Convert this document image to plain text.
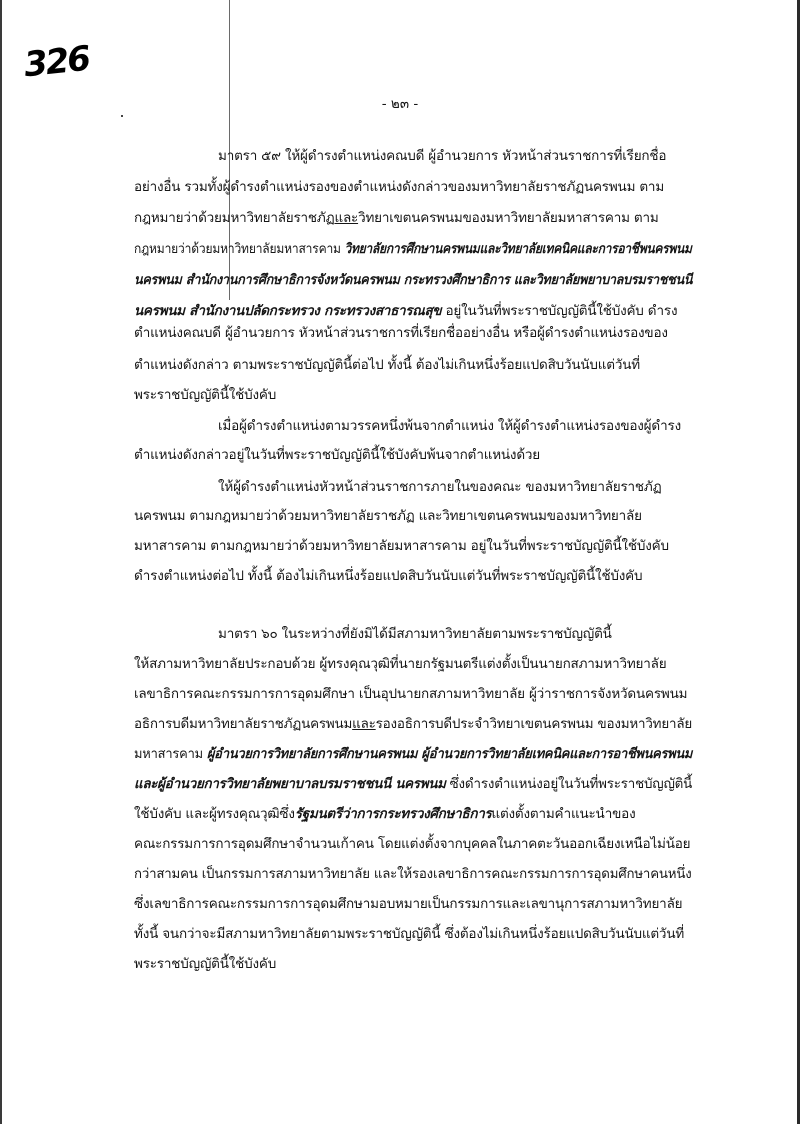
326
- ๒๓ -

มาตรา ๕๙ ให้ผู้ดำรงตำแหน่งคณบดี ผู้อำนวยการ หัวหน้าส่วนราชการที่เรียกชื่อ

อย่างอื่น รวมทั้งผู้ดำรงตำแหน่งรองของตำแหน่งดังกล่าวของมหาวิทยาลัยราชภัฏนครพนม ตาม

กฎหมายว่าด้วยมหาวิทยาลัยราชภัฏและวิทยาเขตนครพนมของมหาวิทยาลัยมหาสารคาม ตาม

กฎหมายว่าด้วยมหาวิทยาลัยมหาสารคาม วิทยาลัยการศึกษานครพนมและวิทยาลัยเทคนิคและการอาชีพนครพนม

นครพนม สำนักงานการศึกษาธิการจังหวัดนครพนม กระทรวงศึกษาธิการ และวิทยาลัยพยาบาลบรมราชชนนี

นครพนม สำนักงานปลัดกระทรวง กระทรวงสาธารณสุข อยู่ในวันที่พระราชบัญญัตินี้ใช้บังคับ ดำรง

ตำแหน่งคณบดี ผู้อำนวยการ หัวหน้าส่วนราชการที่เรียกชื่ออย่างอื่น หรือผู้ดำรงตำแหน่งรองของ

ตำแหน่งดังกล่าว ตามพระราชบัญญัตินี้ต่อไป ทั้งนี้ ต้องไม่เกินหนึ่งร้อยแปดสิบวันนับแต่วันที่

พระราชบัญญัตินี้ใช้บังคับ

เมื่อผู้ดำรงตำแหน่งตามวรรคหนึ่งพ้นจากตำแหน่ง ให้ผู้ดำรงตำแหน่งรองของผู้ดำรง

ตำแหน่งดังกล่าวอยู่ในวันที่พระราชบัญญัตินี้ใช้บังคับพ้นจากตำแหน่งด้วย

ให้ผู้ดำรงตำแหน่งหัวหน้าส่วนราชการภายในของคณะ ของมหาวิทยาลัยราชภัฏ

นครพนม ตามกฎหมายว่าด้วยมหาวิทยาลัยราชภัฏ และวิทยาเขตนครพนมของมหาวิทยาลัย

มหาสารคาม ตามกฎหมายว่าด้วยมหาวิทยาลัยมหาสารคาม อยู่ในวันที่พระราชบัญญัตินี้ใช้บังคับ

ดำรงตำแหน่งต่อไป ทั้งนี้ ต้องไม่เกินหนึ่งร้อยแปดสิบวันนับแต่วันที่พระราชบัญญัตินี้ใช้บังคับ

มาตรา ๖๐ ในระหว่างที่ยังมิได้มีสภามหาวิทยาลัยตามพระราชบัญญัตินี้

ให้สภามหาวิทยาลัยประกอบด้วย ผู้ทรงคุณวุฒิที่นายกรัฐมนตรีแต่งตั้งเป็นนายกสภามหาวิทยาลัย

เลขาธิการคณะกรรมการการอุดมศึกษา เป็นอุปนายกสภามหาวิทยาลัย ผู้ว่าราชการจังหวัดนครพนม

อธิการบดีมหาวิทยาลัยราชภัฏนครพนมและรองอธิการบดีประจำวิทยาเขตนครพนม ของมหาวิทยาลัย

มหาสารคาม ผู้อำนวยการวิทยาลัยการศึกษานครพนม ผู้อำนวยการวิทยาลัยเทคนิคและการอาชีพนครพนม

และผู้อำนวยการวิทยาลัยพยาบาลบรมราชชนนี นครพนม ซึ่งดำรงตำแหน่งอยู่ในวันที่พระราชบัญญัตินี้

ใช้บังคับ และผู้ทรงคุณวุฒิซึ่งรัฐมนตรีว่าการกระทรวงศึกษาธิการแต่งตั้งตามคำแนะนำของ

คณะกรรมการการอุดมศึกษาจำนวนเก้าคน โดยแต่งตั้งจากบุคคลในภาคตะวันออกเฉียงเหนือไม่น้อย

กว่าสามคน เป็นกรรมการสภามหาวิทยาลัย และให้รองเลขาธิการคณะกรรมการการอุดมศึกษาคนหนึ่ง

ซึ่งเลขาธิการคณะกรรมการการอุดมศึกษามอบหมายเป็นกรรมการและเลขานุการสภามหาวิทยาลัย

ทั้งนี้ จนกว่าจะมีสภามหาวิทยาลัยตามพระราชบัญญัตินี้ ซึ่งต้องไม่เกินหนึ่งร้อยแปดสิบวันนับแต่วันที่

พระราชบัญญัตินี้ใช้บังคับ
